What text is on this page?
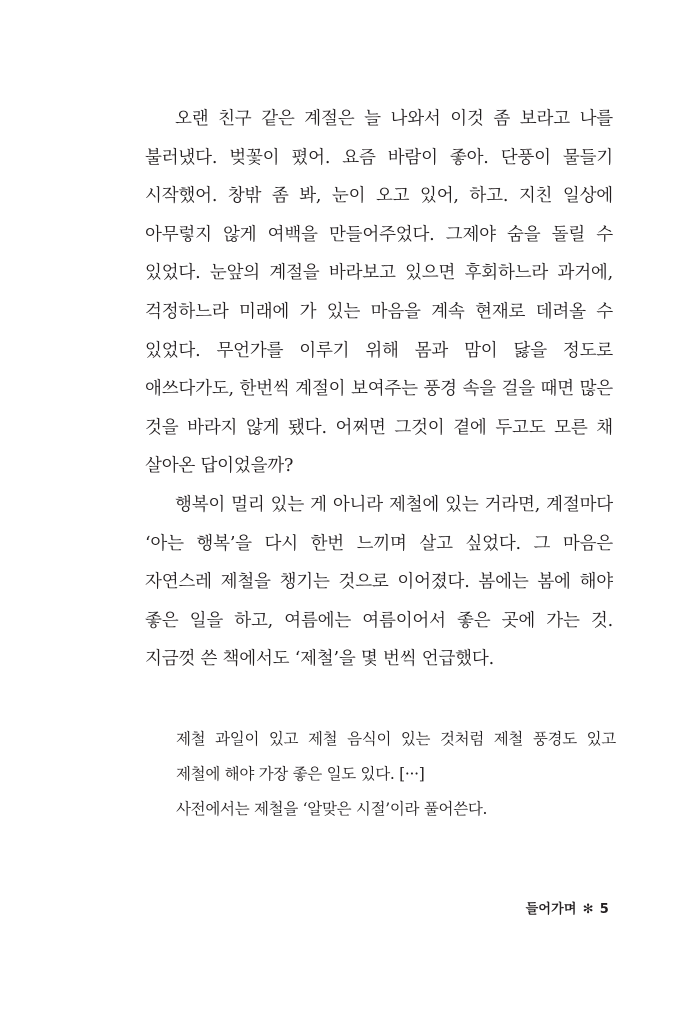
오랜 친구 같은 계절은 늘 나와서 이것 좀 보라고 나를 불러냈다. 벚꽃이 폈어. 요즘 바람이 좋아. 단풍이 물들기 시작했어. 창밖 좀 봐, 눈이 오고 있어, 하고. 지친 일상에 아무렇지 않게 여백을 만들어주었다. 그제야 숨을 돌릴 수 있었다. 눈앞의 계절을 바라보고 있으면 후회하느라 과거에, 걱정하느라 미래에 가 있는 마음을 계속 현재로 데려올 수 있었다. 무언가를 이루기 위해 몸과 맘이 닳을 정도로 애쓰다가도, 한번씩 계절이 보여주는 풍경 속을 걸을 때면 많은 것을 바라지 않게 됐다. 어쩌면 그것이 곁에 두고도 모른 채 살아온 답이었을까?

행복이 멀리 있는 게 아니라 제철에 있는 거라면, 계절마다 ‘아는 행복’을 다시 한번 느끼며 살고 싶었다. 그 마음은 자연스레 제철을 챙기는 것으로 이어졌다. 봄에는 봄에 해야 좋은 일을 하고, 여름에는 여름이어서 좋은 곳에 가는 것. 지금껏 쓴 책에서도 ‘제철’을 몇 번씩 언급했다.

제철 과일이 있고 제철 음식이 있는 것처럼 제철 풍경도 있고 제철에 해야 가장 좋은 일도 있다. [···]

사전에서는 제철을 ‘알맞은 시절’이라 풀어쓴다.

들어가며 ✻ 5
